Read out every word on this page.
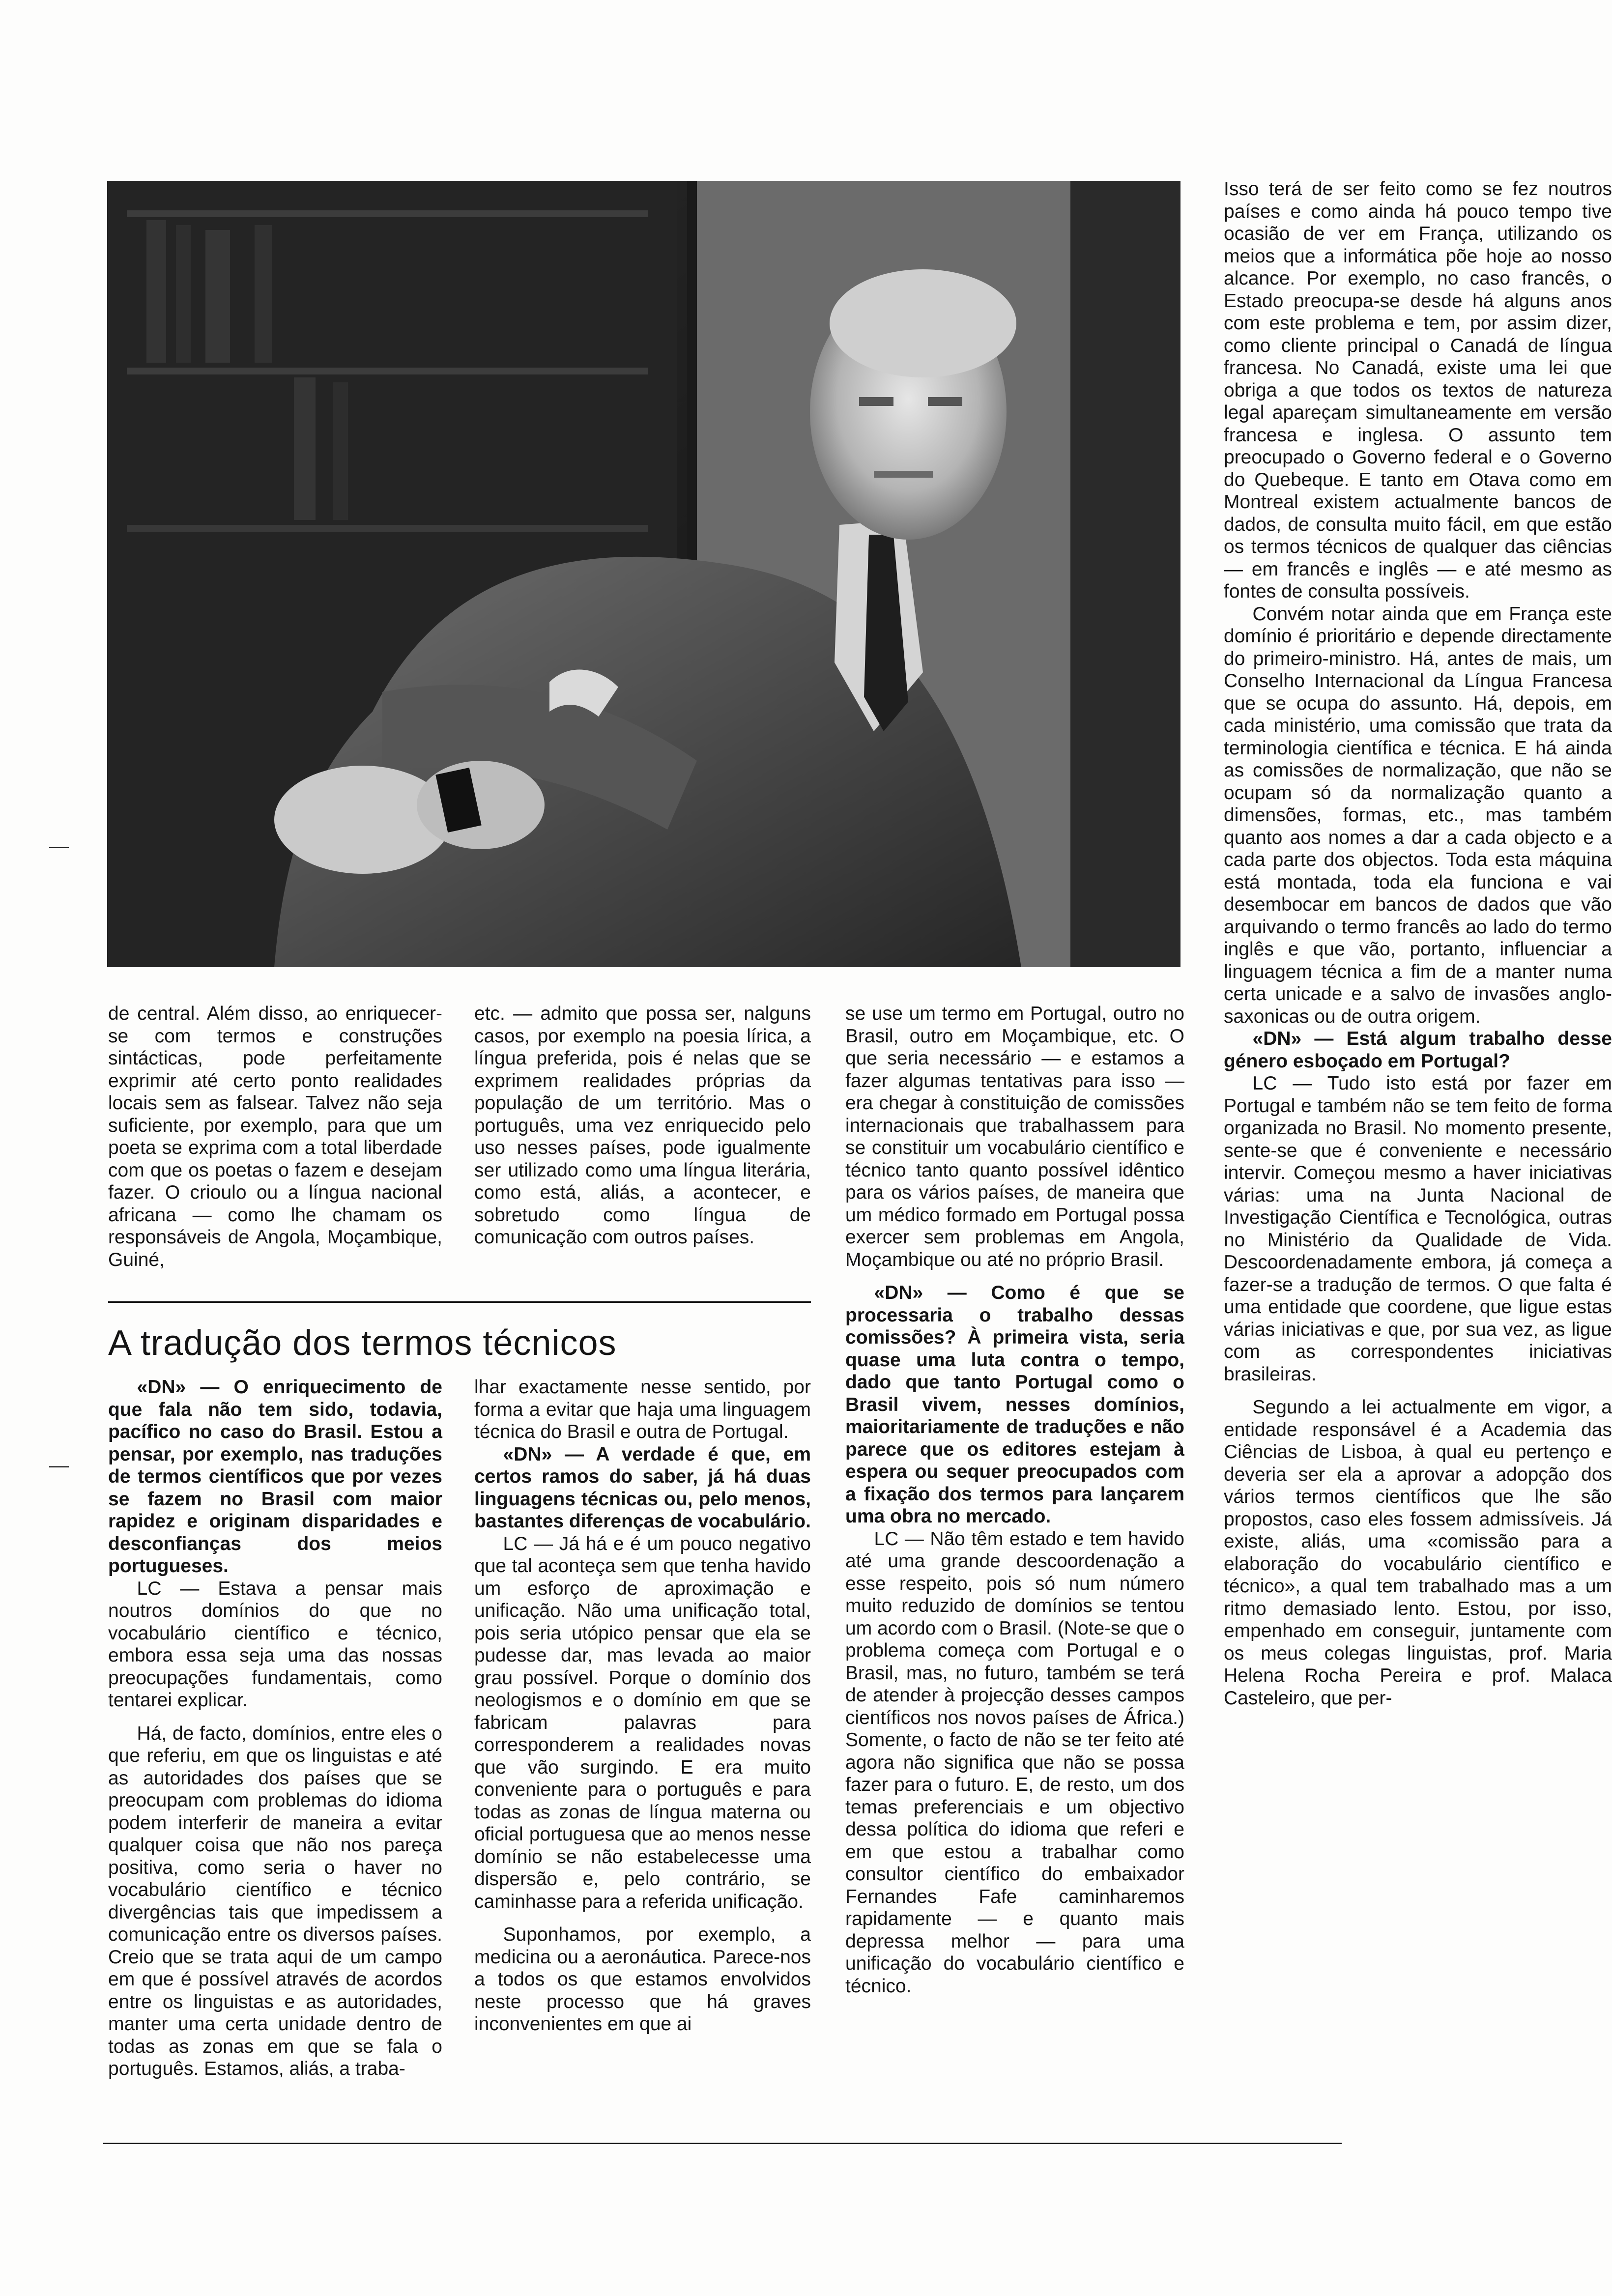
Isso terá de ser feito como se fez noutros países e como ainda há pouco tempo tive ocasião de ver em França, utilizando os meios que a informática põe hoje ao nosso alcance. Por exemplo, no caso francês, o Estado preocupa-se desde há alguns anos com este problema e tem, por assim dizer, como cliente principal o Canadá de língua francesa. No Canadá, existe uma lei que obriga a que todos os textos de natureza legal apareçam simultaneamente em versão francesa e inglesa. O assunto tem preocupado o Governo federal e o Governo do Quebeque. E tanto em Otava como em Montreal existem actualmente bancos de dados, de consulta muito fácil, em que estão os termos técnicos de qualquer das ciências — em francês e inglês — e até mesmo as fontes de consulta possíveis.

Convém notar ainda que em França este domínio é prioritário e depende directamente do primeiro-ministro. Há, antes de mais, um Conselho Internacional da Língua Francesa que se ocupa do assunto. Há, depois, em cada ministério, uma comissão que trata da terminologia científica e técnica. E há ainda as comissões de normalização, que não se ocupam só da normalização quanto a dimensões, formas, etc., mas também quanto aos nomes a dar a cada objecto e a cada parte dos objectos. Toda esta máquina está montada, toda ela funciona e vai desembocar em bancos de dados que vão arquivando o termo francês ao lado do termo inglês e que vão, portanto, influenciar a linguagem técnica a fim de a manter numa certa unicade e a salvo de invasões anglo-saxonicas ou de outra origem.

«DN» — Está algum trabalho desse género esboçado em Portugal?

LC — Tudo isto está por fazer em Portugal e também não se tem feito de forma organizada no Brasil. No momento presente, sente-se que é conveniente e necessário intervir. Começou mesmo a haver iniciativas várias: uma na Junta Nacional de Investigação Científica e Tecnológica, outras no Ministério da Qualidade de Vida. Descoordenadamente embora, já começa a fazer-se a tradução de termos. O que falta é uma entidade que coordene, que ligue estas várias iniciativas e que, por sua vez, as ligue com as correspondentes iniciativas brasileiras.

Segundo a lei actualmente em vigor, a entidade responsável é a Academia das Ciências de Lisboa, à qual eu pertenço e deveria ser ela a aprovar a adopção dos vários termos científicos que lhe são propostos, caso eles fossem admissíveis. Já existe, aliás, uma «comissão para a elaboração do vocabulário científico e técnico», a qual tem trabalhado mas a um ritmo demasiado lento. Estou, por isso, empenhado em conseguir, juntamente com os meus colegas linguistas, prof. Maria Helena Rocha Pereira e prof. Malaca Casteleiro, que per-

de central. Além disso, ao enriquecer-se com termos e construções sintácticas, pode perfeitamente exprimir até certo ponto realidades locais sem as falsear. Talvez não seja suficiente, por exemplo, para que um poeta se exprima com a total liberdade com que os poetas o fazem e desejam fazer. O crioulo ou a língua nacional africana — como lhe chamam os responsáveis de Angola, Moçambique, Guiné,

etc. — admito que possa ser, nalguns casos, por exemplo na poesia lírica, a língua preferida, pois é nelas que se exprimem realidades próprias da população de um território. Mas o português, uma vez enriquecido pelo uso nesses países, pode igualmente ser utilizado como uma língua literária, como está, aliás, a acontecer, e sobretudo como língua de comunicação com outros países.

A tradução dos termos técnicos

se use um termo em Portugal, outro no Brasil, outro em Moçambique, etc. O que seria necessário — e estamos a fazer algumas tentativas para isso — era chegar à constituição de comissões internacionais que trabalhassem para se constituir um vocabulário científico e técnico tanto quanto possível idêntico para os vários países, de maneira que um médico formado em Portugal possa exercer sem problemas em Angola, Moçambique ou até no próprio Brasil.

«DN» — Como é que se processaria o trabalho dessas comissões? À primeira vista, seria quase uma luta contra o tempo, dado que tanto Portugal como o Brasil vivem, nesses domínios, maioritariamente de traduções e não parece que os editores estejam à espera ou sequer preocupados com a fixação dos termos para lançarem uma obra no mercado.

LC — Não têm estado e tem havido até uma grande descoordenação a esse respeito, pois só num número muito reduzido de domínios se tentou um acordo com o Brasil. (Note-se que o problema começa com Portugal e o Brasil, mas, no futuro, também se terá de atender à projecção desses campos científicos nos novos países de África.) Somente, o facto de não se ter feito até agora não significa que não se possa fazer para o futuro. E, de resto, um dos temas preferenciais e um objectivo dessa política do idioma que referi e em que estou a trabalhar como consultor científico do embaixador Fernandes Fafe caminharemos rapidamente — e quanto mais depressa melhor — para uma unificação do vocabulário científico e técnico.

«DN» — O enriquecimento de que fala não tem sido, todavia, pacífico no caso do Brasil. Estou a pensar, por exemplo, nas traduções de termos científicos que por vezes se fazem no Brasil com maior rapidez e originam disparidades e desconfianças dos meios portugueses.

LC — Estava a pensar mais noutros domínios do que no vocabulário científico e técnico, embora essa seja uma das nossas preocupações fundamentais, como tentarei explicar.

Há, de facto, domínios, entre eles o que referiu, em que os linguistas e até as autoridades dos países que se preocupam com problemas do idioma podem interferir de maneira a evitar qualquer coisa que não nos pareça positiva, como seria o haver no vocabulário científico e técnico divergências tais que impedissem a comunicação entre os diversos países. Creio que se trata aqui de um campo em que é possível através de acordos entre os linguistas e as autoridades, manter uma certa unidade dentro de todas as zonas em que se fala o português. Estamos, aliás, a traba-

lhar exactamente nesse sentido, por forma a evitar que haja uma linguagem técnica do Brasil e outra de Portugal.

«DN» — A verdade é que, em certos ramos do saber, já há duas linguagens técnicas ou, pelo menos, bastantes diferenças de vocabulário.

LC — Já há e é um pouco negativo que tal aconteça sem que tenha havido um esforço de aproximação e unificação. Não uma unificação total, pois seria utópico pensar que ela se pudesse dar, mas levada ao maior grau possível. Porque o domínio dos neologismos e o domínio em que se fabricam palavras para corresponderem a realidades novas que vão surgindo. E era muito conveniente para o português e para todas as zonas de língua materna ou oficial portuguesa que ao menos nesse domínio se não estabelecesse uma dispersão e, pelo contrário, se caminhasse para a referida unificação.

Suponhamos, por exemplo, a medicina ou a aeronáutica. Parece-nos a todos os que estamos envolvidos neste processo que há graves inconvenientes em que ai

―
―
